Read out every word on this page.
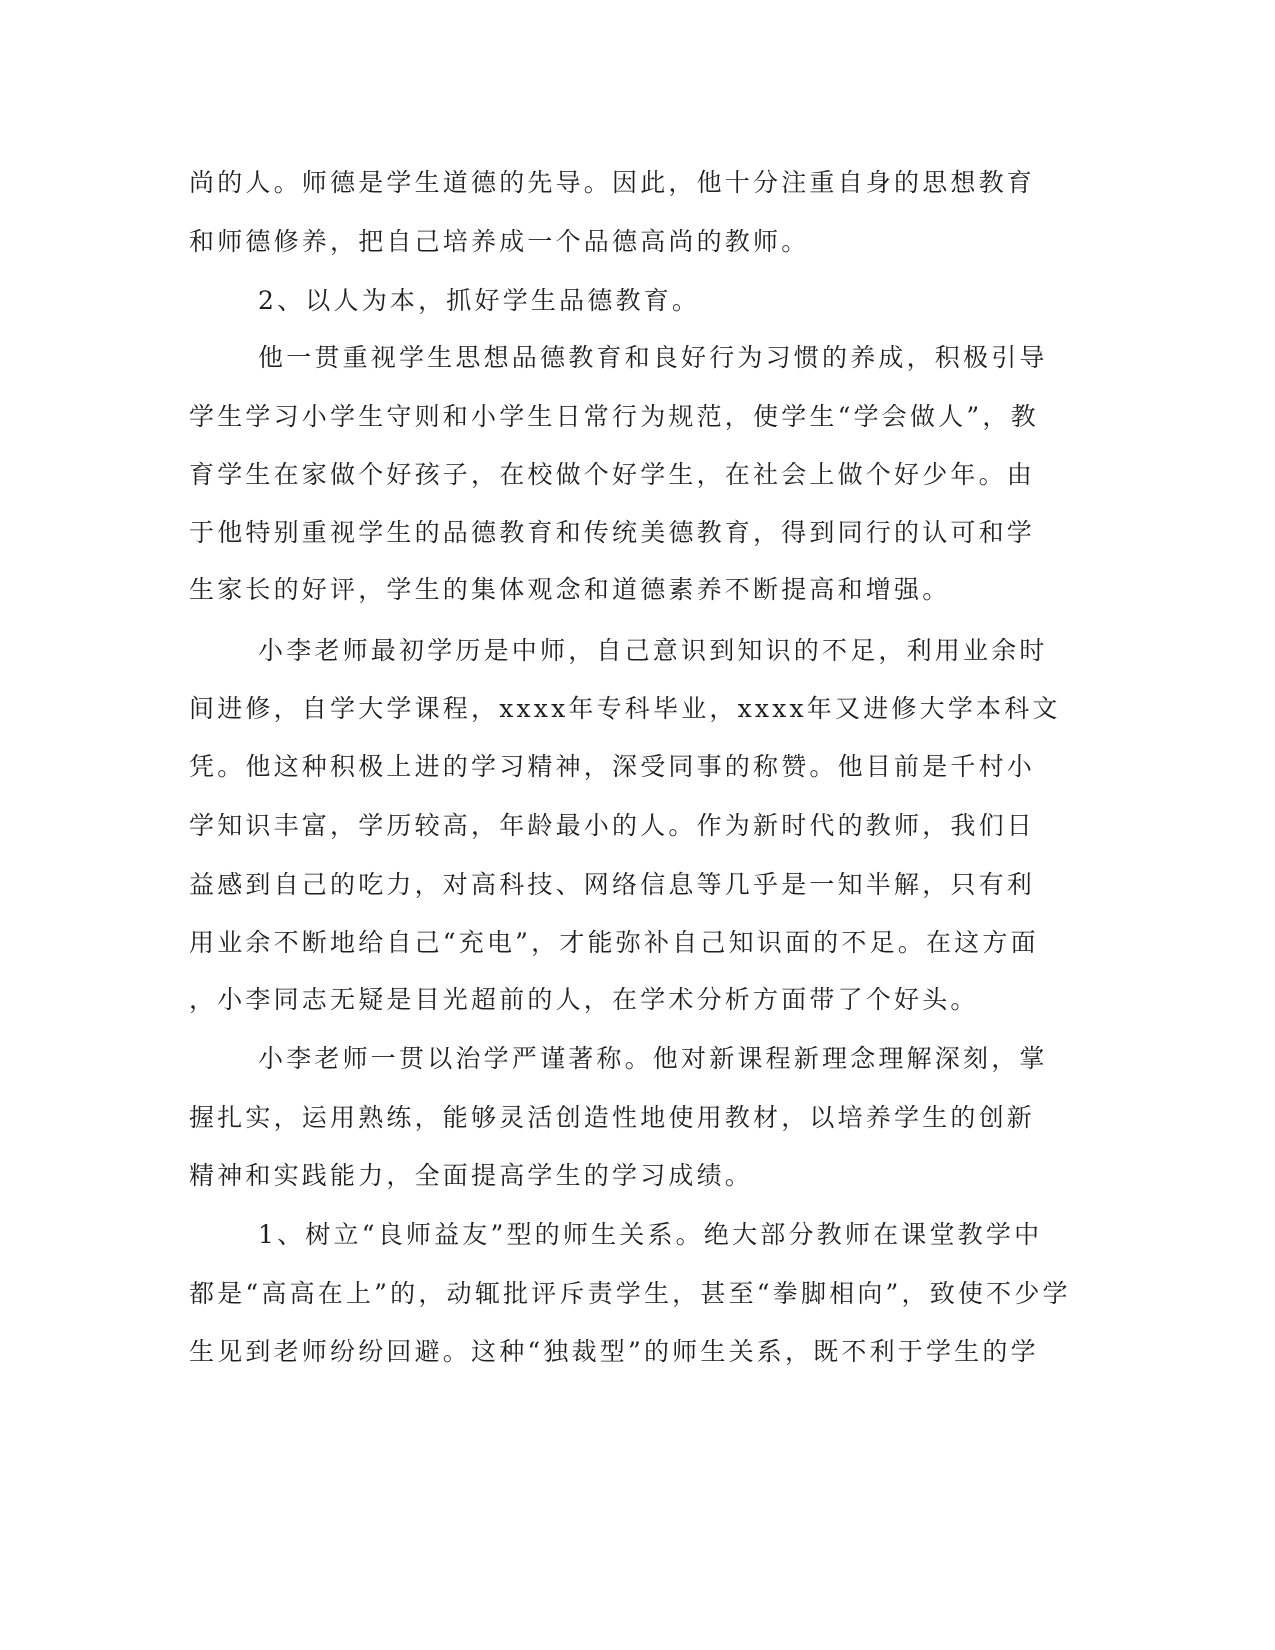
尚的人。师德是学生道德的先导。因此，他十分注重自身的思想教育
和师德修养，把自己培养成一个品德高尚的教师。
2、以人为本，抓好学生品德教育。
他一贯重视学生思想品德教育和良好行为习惯的养成，积极引导
学生学习小学生守则和小学生日常行为规范，使学生“学会做人”，教
育学生在家做个好孩子，在校做个好学生，在社会上做个好少年。由
于他特别重视学生的品德教育和传统美德教育，得到同行的认可和学
生家长的好评，学生的集体观念和道德素养不断提高和增强。
小李老师最初学历是中师，自己意识到知识的不足，利用业余时
间进修，自学大学课程，xxxx年专科毕业，xxxx年又进修大学本科文
凭。他这种积极上进的学习精神，深受同事的称赞。他目前是千村小
学知识丰富，学历较高，年龄最小的人。作为新时代的教师，我们日
益感到自己的吃力，对高科技、网络信息等几乎是一知半解，只有利
用业余不断地给自己“充电”，才能弥补自己知识面的不足。在这方面
，小李同志无疑是目光超前的人，在学术分析方面带了个好头。
小李老师一贯以治学严谨著称。他对新课程新理念理解深刻，掌
握扎实，运用熟练，能够灵活创造性地使用教材，以培养学生的创新
精神和实践能力，全面提高学生的学习成绩。
1、树立“良师益友”型的师生关系。绝大部分教师在课堂教学中
都是“高高在上”的，动辄批评斥责学生，甚至“拳脚相向”，致使不少学
生见到老师纷纷回避。这种“独裁型”的师生关系，既不利于学生的学
